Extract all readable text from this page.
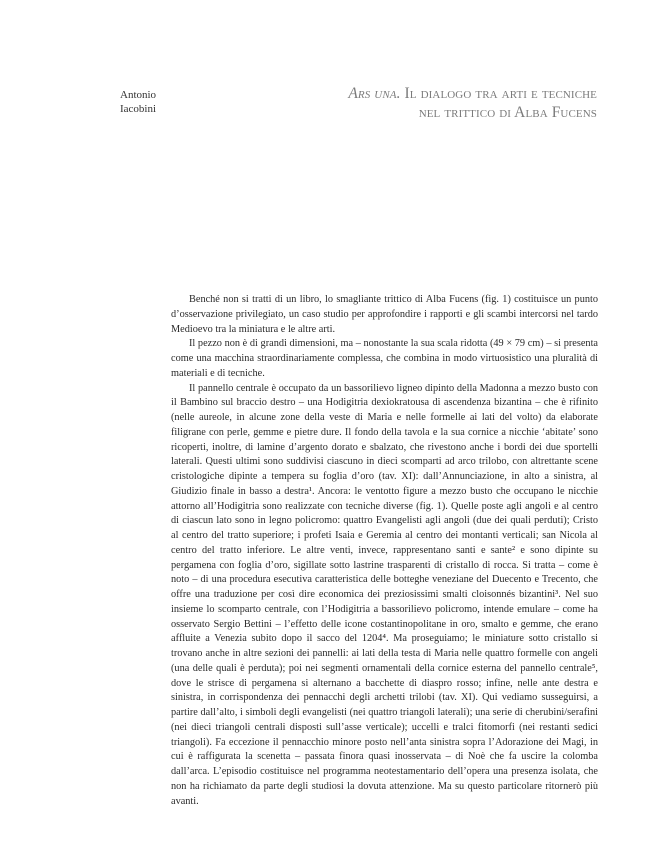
Antonio
Iacobini
Ars una. Il dialogo tra arti e tecniche
nel trittico di Alba Fucens

Benché non si tratti di un libro, lo smagliante trittico di Alba Fucens (fig. 1) costituisce un punto d’osservazione privilegiato, un caso studio per approfondire i rapporti e gli scambi intercorsi nel tardo Medioevo tra la miniatura e le altre arti.

Il pezzo non è di grandi dimensioni, ma – nonostante la sua scala ridotta (49 × 79 cm) – si presenta come una macchina straordinariamente complessa, che combina in modo virtuosistico una pluralità di materiali e di tecniche.

Il pannello centrale è occupato da un bassorilievo ligneo dipinto della Madonna a mezzo busto con il Bambino sul braccio destro – una Hodigitria dexiokratousa di ascendenza bizantina – che è rifinito (nelle aureole, in alcune zone della veste di Maria e nelle formelle ai lati del volto) da elaborate filigrane con perle, gemme e pietre dure. Il fondo della tavola e la sua cornice a nicchie ‘abitate’ sono ricoperti, inoltre, di lamine d’argento dorato e sbalzato, che rivestono anche i bordi dei due sportelli laterali. Questi ultimi sono suddivisi ciascuno in dieci scomparti ad arco trilobo, con altrettante scene cristologiche dipinte a tempera su foglia d’oro (tav. XI): dall’Annunciazione, in alto a sinistra, al Giudizio finale in basso a destra¹. Ancora: le ventotto figure a mezzo busto che occupano le nicchie attorno all’Hodigitria sono realizzate con tecniche diverse (fig. 1). Quelle poste agli angoli e al centro di ciascun lato sono in legno policromo: quattro Evangelisti agli angoli (due dei quali perduti); Cristo al centro del tratto superiore; i profeti Isaia e Geremia al centro dei montanti verticali; san Nicola al centro del tratto inferiore. Le altre venti, invece, rappresentano santi e sante² e sono dipinte su pergamena con foglia d’oro, sigillate sotto lastrine trasparenti di cristallo di rocca. Si tratta – come è noto – di una procedura esecutiva caratteristica delle botteghe veneziane del Duecento e Trecento, che offre una traduzione per così dire economica dei preziosissimi smalti cloisonnés bizantini³. Nel suo insieme lo scomparto centrale, con l’Hodigitria a bassorilievo policromo, intende emulare – come ha osservato Sergio Bettini – l’effetto delle icone costantinopolitane in oro, smalto e gemme, che erano affluite a Venezia subito dopo il sacco del 1204⁴. Ma proseguiamo; le miniature sotto cristallo si trovano anche in altre sezioni dei pannelli: ai lati della testa di Maria nelle quattro formelle con angeli (una delle quali è perduta); poi nei segmenti ornamentali della cornice esterna del pannello centrale⁵, dove le strisce di pergamena si alternano a bacchette di diaspro rosso; infine, nelle ante destra e sinistra, in corrispondenza dei pennacchi degli archetti trilobi (tav. XI). Qui vediamo susseguirsi, a partire dall’alto, i simboli degli evangelisti (nei quattro triangoli laterali); una serie di cherubini/serafini (nei dieci triangoli centrali disposti sull’asse verticale); uccelli e tralci fitomorfi (nei restanti sedici triangoli). Fa eccezione il pennacchio minore posto nell’anta sinistra sopra l’Adorazione dei Magi, in cui è raffigurata la scenetta – passata finora quasi inosservata – di Noè che fa uscire la colomba dall’arca. L’episodio costituisce nel programma neotestamentario dell’opera una presenza isolata, che non ha richiamato da parte degli studiosi la dovuta attenzione. Ma su questo particolare ritornerò più avanti.
